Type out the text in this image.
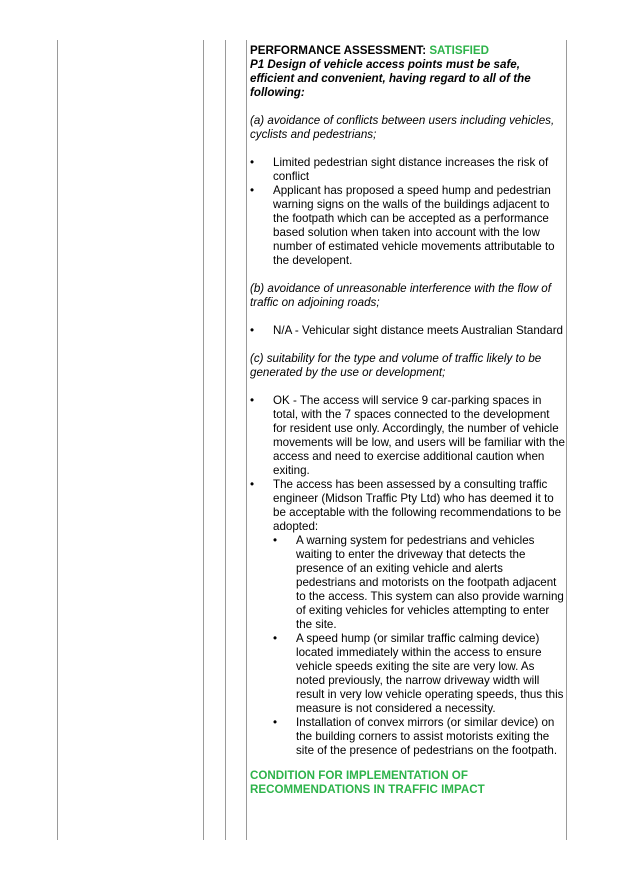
PERFORMANCE ASSESSMENT: SATISFIED

P1 Design of vehicle access points must be safe, efficient and convenient, having regard to all of the following:

(a) avoidance of conflicts between users including vehicles, cyclists and pedestrians;

• Limited pedestrian sight distance increases the risk of conflict
• Applicant has proposed a speed hump and pedestrian warning signs on the walls of the buildings adjacent to the footpath which can be accepted as a performance based solution when taken into account with the low number of estimated vehicle movements attributable to the developent.

(b) avoidance of unreasonable interference with the flow of traffic on adjoining roads;

• N/A - Vehicular sight distance meets Australian Standard

(c) suitability for the type and volume of traffic likely to be generated by the use or development;

• OK - The access will service 9 car-parking spaces in total, with the 7 spaces connected to the development for resident use only. Accordingly, the number of vehicle movements will be low, and users will be familiar with the access and need to exercise additional caution when exiting.
• The access has been assessed by a consulting traffic engineer (Midson Traffic Pty Ltd) who has deemed it to be acceptable with the following recommendations to be adopted:
• A warning system for pedestrians and vehicles waiting to enter the driveway that detects the presence of an exiting vehicle and alerts pedestrians and motorists on the footpath adjacent to the access. This system can also provide warning of exiting vehicles for vehicles attempting to enter the site.
• A speed hump (or similar traffic calming device) located immediately within the access to ensure vehicle speeds exiting the site are very low. As noted previously, the narrow driveway width will result in very low vehicle operating speeds, thus this measure is not considered a necessity.
• Installation of convex mirrors (or similar device) on the building corners to assist motorists exiting the site of the presence of pedestrians on the footpath.

CONDITION FOR IMPLEMENTATION OF RECOMMENDATIONS IN TRAFFIC IMPACT
